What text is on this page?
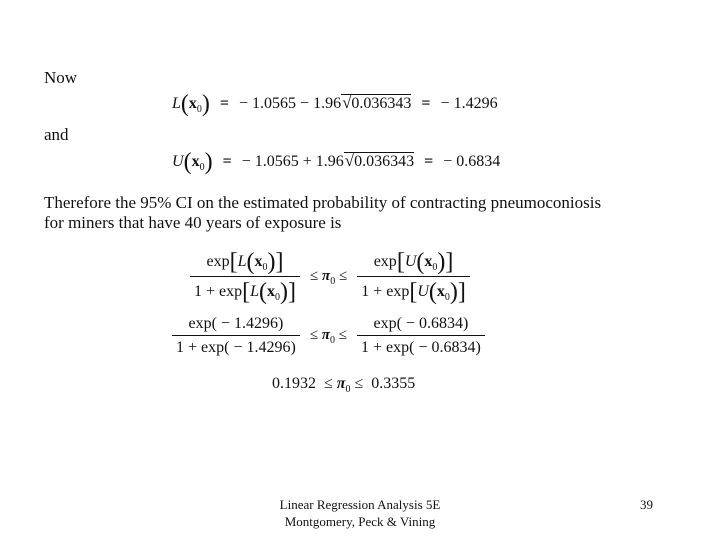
Now
and
Therefore the 95% CI on the estimated probability of contracting pneumoconiosis
for miners that have 40 years of exposure is
$L(x_0)$ = − 1.0565 − 1.96√0.036343 = − 1.4296
$U(x_0)$ = − 1.0565 + 1.96√0.036343 = − 0.6834
$\frac{\exp[L(x_0)]}{1 + \exp[L(x_0)]} \le \pi_0 \le \frac{\exp[U(x_0)]}{1 + \exp[U(x_0)]}$
$\frac{\exp( - 1.4296)}{1 + \exp( - 1.4296)} \le \pi_0 \le \frac{\exp( - 0.6834)}{1 + \exp( - 0.6834)}$
$0.1932 \le \pi_0 \le 0.3355$
Linear Regression Analysis 5E
Montgomery, Peck & Vining
39
